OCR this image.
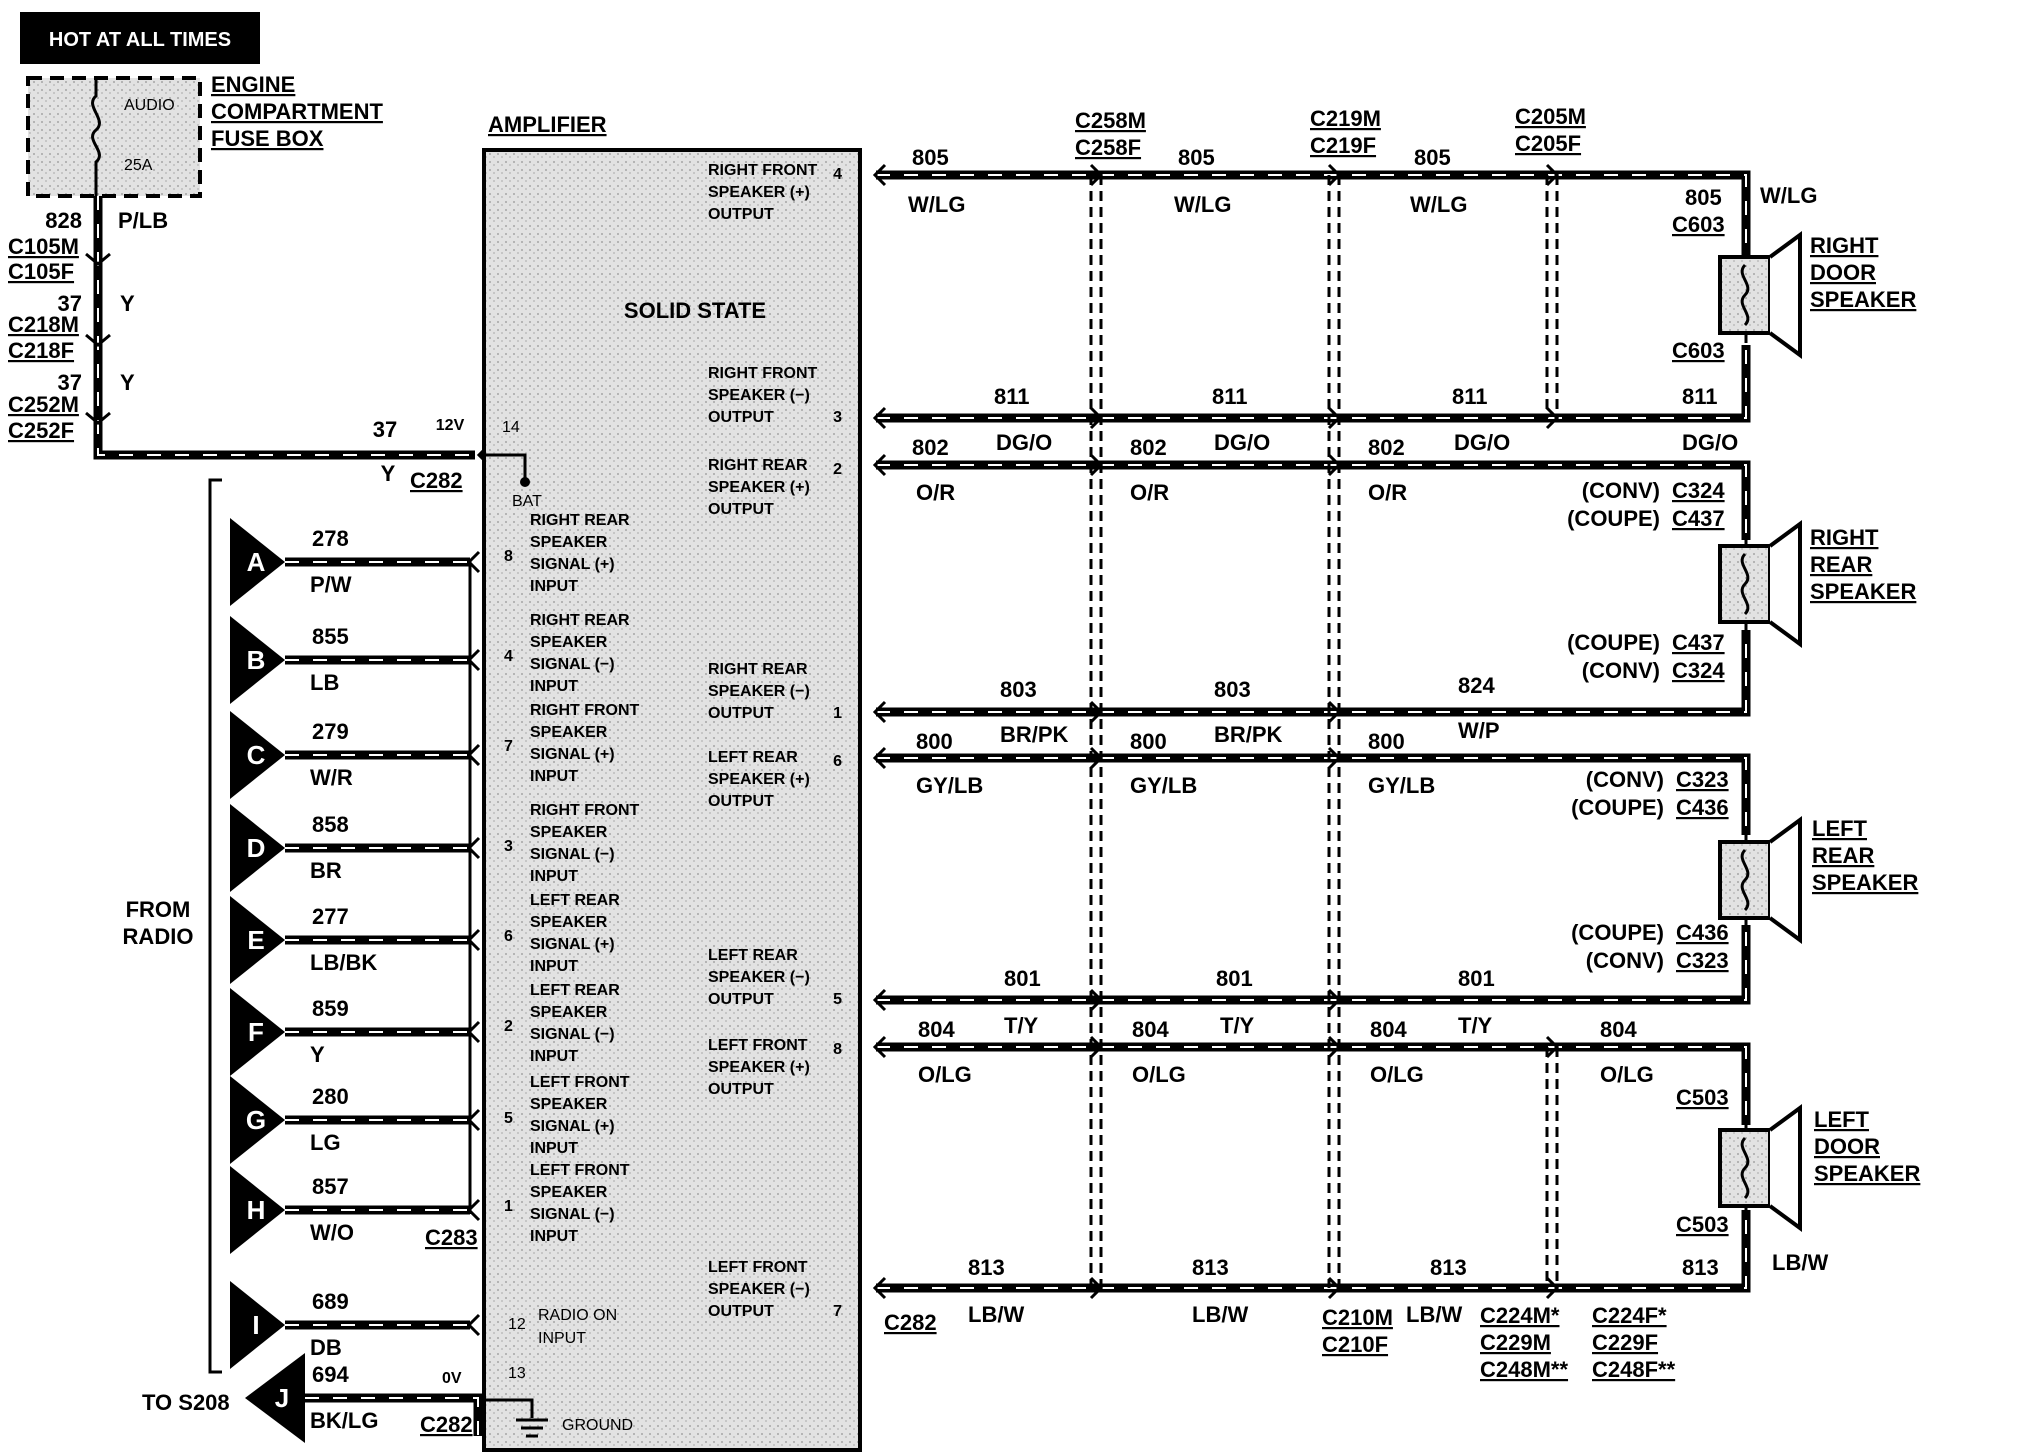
HOT AT ALL TIMES
AUDIO
25A
ENGINE
COMPARTMENT
FUSE BOX
828 P/LB
C105M
C105F
37 Y
C218M
C218F
37 Y
C252M
C252F	37 12V
Y C282
AMPLIFIER
SOLID STATE
14
BAT
8
RIGHT REAR
SPEAKER
SIGNAL (+)
INPUT
4
RIGHT REAR
SPEAKER
SIGNAL (−)
INPUT
7
RIGHT FRONT
SPEAKER
SIGNAL (+)
INPUT
3
RIGHT FRONT
SPEAKER
SIGNAL (−)
INPUT
6
LEFT REAR
SPEAKER
SIGNAL (+)
INPUT
2
LEFT REAR
SPEAKER
SIGNAL (−)
INPUT
5
LEFT FRONT
SPEAKER
SIGNAL (+)
INPUT
1
LEFT FRONT
SPEAKER
SIGNAL (−)
INPUT
4
RIGHT FRONT
SPEAKER (+)
OUTPUT
3
RIGHT FRONT
SPEAKER (−)
OUTPUT
2
RIGHT REAR
SPEAKER (+)
OUTPUT
1
RIGHT REAR
SPEAKER (−)
OUTPUT
6
LEFT REAR
SPEAKER (+)
OUTPUT
5
LEFT REAR
SPEAKER (−)
OUTPUT
8
LEFT FRONT
SPEAKER (+)
OUTPUT
7
LEFT FRONT
SPEAKER (−)
OUTPUT
12
RADIO ON
INPUT
13
GROUND
FROM
RADIO
A
278
P/W
B
855
LB
C
279
W/R
D
858
BR
E
277
LB/BK
F
859
Y
G
280
LG
H
857
W/O
I
689
DB
J
694
BK/LG
C283
TO S208
0V
C282
805
W/LG
805
W/LG
805
W/LG	805 W/LG
811	811	811	811
DG/O	DG/O	DG/O	DG/O
802	802	802
O/R	O/R	O/R
803	803
BR/PK	BR/PK
824
W/P
800	800	800
GY/LB	GY/LB	GY/LB
801	801	801
T/Y	T/Y	T/Y
804	804	804	804
O/LG	O/LG	O/LG	O/LG
813	813	813	813
LB/W	LB/W	LB/W
LB/W
C258M
C258F
C219M
C219F
C205M
C205F
C282	C210M
C210F
C224M*
C229M
C248M**
C224F*
C229F
C248F**
RIGHT
DOOR
SPEAKER
C603
C603
RIGHT
REAR
SPEAKER
(CONV) C324
(COUPE) C437
(COUPE) C437
(CONV) C324
LEFT
REAR
SPEAKER
(CONV) C323
(COUPE) C436
(COUPE) C436
(CONV) C323
LEFT
DOOR
SPEAKER
C503
C503
